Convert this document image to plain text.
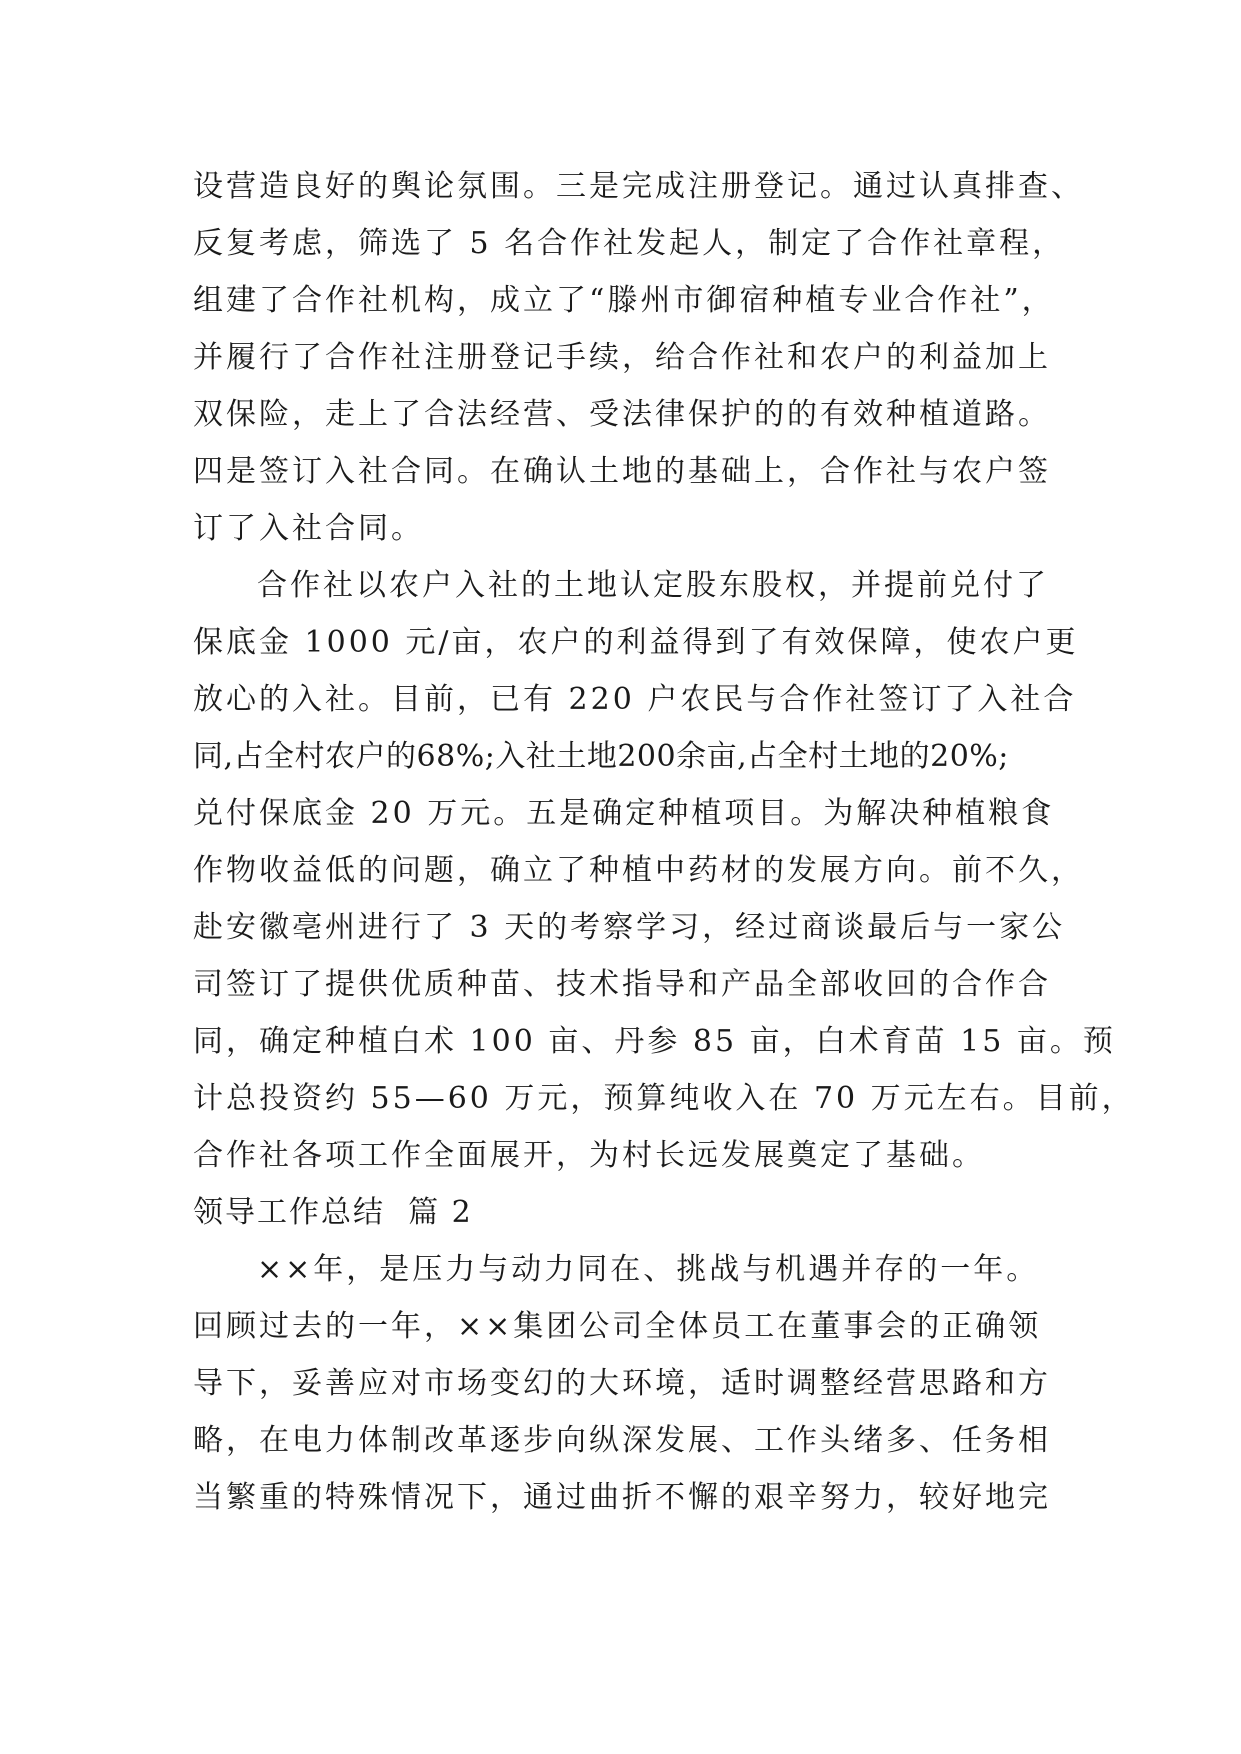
设营造良好的舆论氛围。三是完成注册登记。通过认真排查、
反复考虑，筛选了 5 名合作社发起人，制定了合作社章程，
组建了合作社机构，成立了“滕州市御宿种植专业合作社”，
并履行了合作社注册登记手续，给合作社和农户的利益加上
双保险，走上了合法经营、受法律保护的的有效种植道路。
四是签订入社合同。在确认土地的基础上，合作社与农户签
订了入社合同。
合作社以农户入社的土地认定股东股权，并提前兑付了
保底金 1000 元/亩，农户的利益得到了有效保障，使农户更
放心的入社。目前，已有 220 户农民与合作社签订了入社合
同,占全村农户的68%;入社土地200余亩,占全村土地的20%;
兑付保底金 20 万元。五是确定种植项目。为解决种植粮食
作物收益低的问题，确立了种植中药材的发展方向。前不久，
赴安徽亳州进行了 3 天的考察学习，经过商谈最后与一家公
司签订了提供优质种苗、技术指导和产品全部收回的合作合
同，确定种植白术 100 亩、丹参 85 亩，白术育苗 15 亩。预
计总投资约 55—60 万元，预算纯收入在 70 万元左右。目前，
合作社各项工作全面展开，为村长远发展奠定了基础。
领导工作总结  篇 2
××年，是压力与动力同在、挑战与机遇并存的一年。
回顾过去的一年，××集团公司全体员工在董事会的正确领
导下，妥善应对市场变幻的大环境，适时调整经营思路和方
略，在电力体制改革逐步向纵深发展、工作头绪多、任务相
当繁重的特殊情况下，通过曲折不懈的艰辛努力，较好地完
